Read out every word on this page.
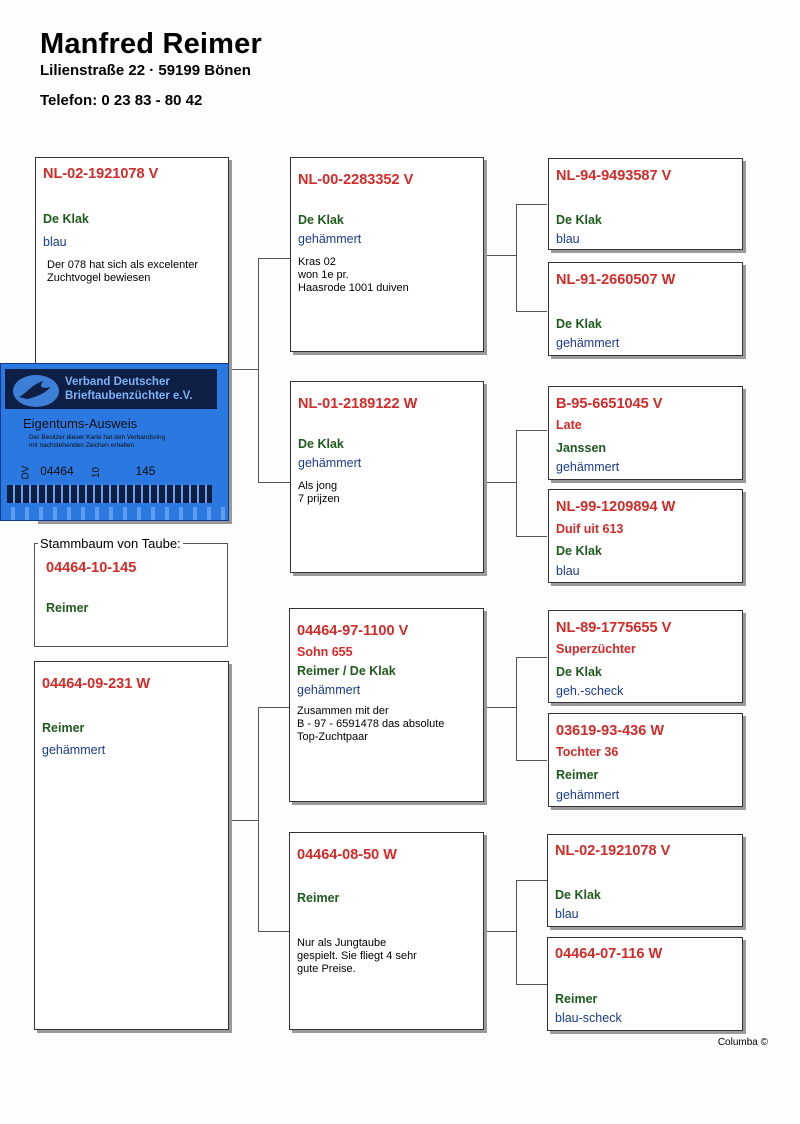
Manfred Reimer
Lilienstraße 22 · 59199 Bönen
Telefon: 0 23 83 - 80 42
NL-02-1921078 V
De Klak
blau
Der 078 hat sich als excelenter
Zuchtvogel bewiesen
04464-10-145
Reimer
Stammbaum von Taube:
04464-09-231 W
Reimer
gehämmert
NL-00-2283352 V
De Klak
gehämmert
Kras 02
won 1e pr.
Haasrode 1001 duiven
NL-01-2189122 W
De Klak
gehämmert
Als jong
7 prijzen
04464-97-1100 V
Sohn 655
Reimer / De Klak
gehämmert
Zusammen mit der
B - 97 - 6591478 das absolute
Top-Zuchtpaar
04464-08-50 W
Reimer
Nur als Jungtaube
gespielt. Sie fliegt 4 sehr
gute Preise.
NL-94-9493587 V
De Klak
blau
NL-91-2660507 W
De Klak
gehämmert
B-95-6651045 V
Late
Janssen
gehämmert
NL-99-1209894 W
Duif uit 613
De Klak
blau
NL-89-1775655 V
Superzüchter
De Klak
geh.-scheck
03619-93-436 W
Tochter 36
Reimer
gehämmert
NL-02-1921078 V
De Klak
blau
04464-07-116 W
Reimer
blau-scheck
Verband Deutscher
Brieftaubenzüchter e.V.
Eigentums-Ausweis
Der Besitzer dieser Karte hat den Verbandsring
mit nachstehenden Zeichen erhalten
DV 04464 10	145
Columba ©
